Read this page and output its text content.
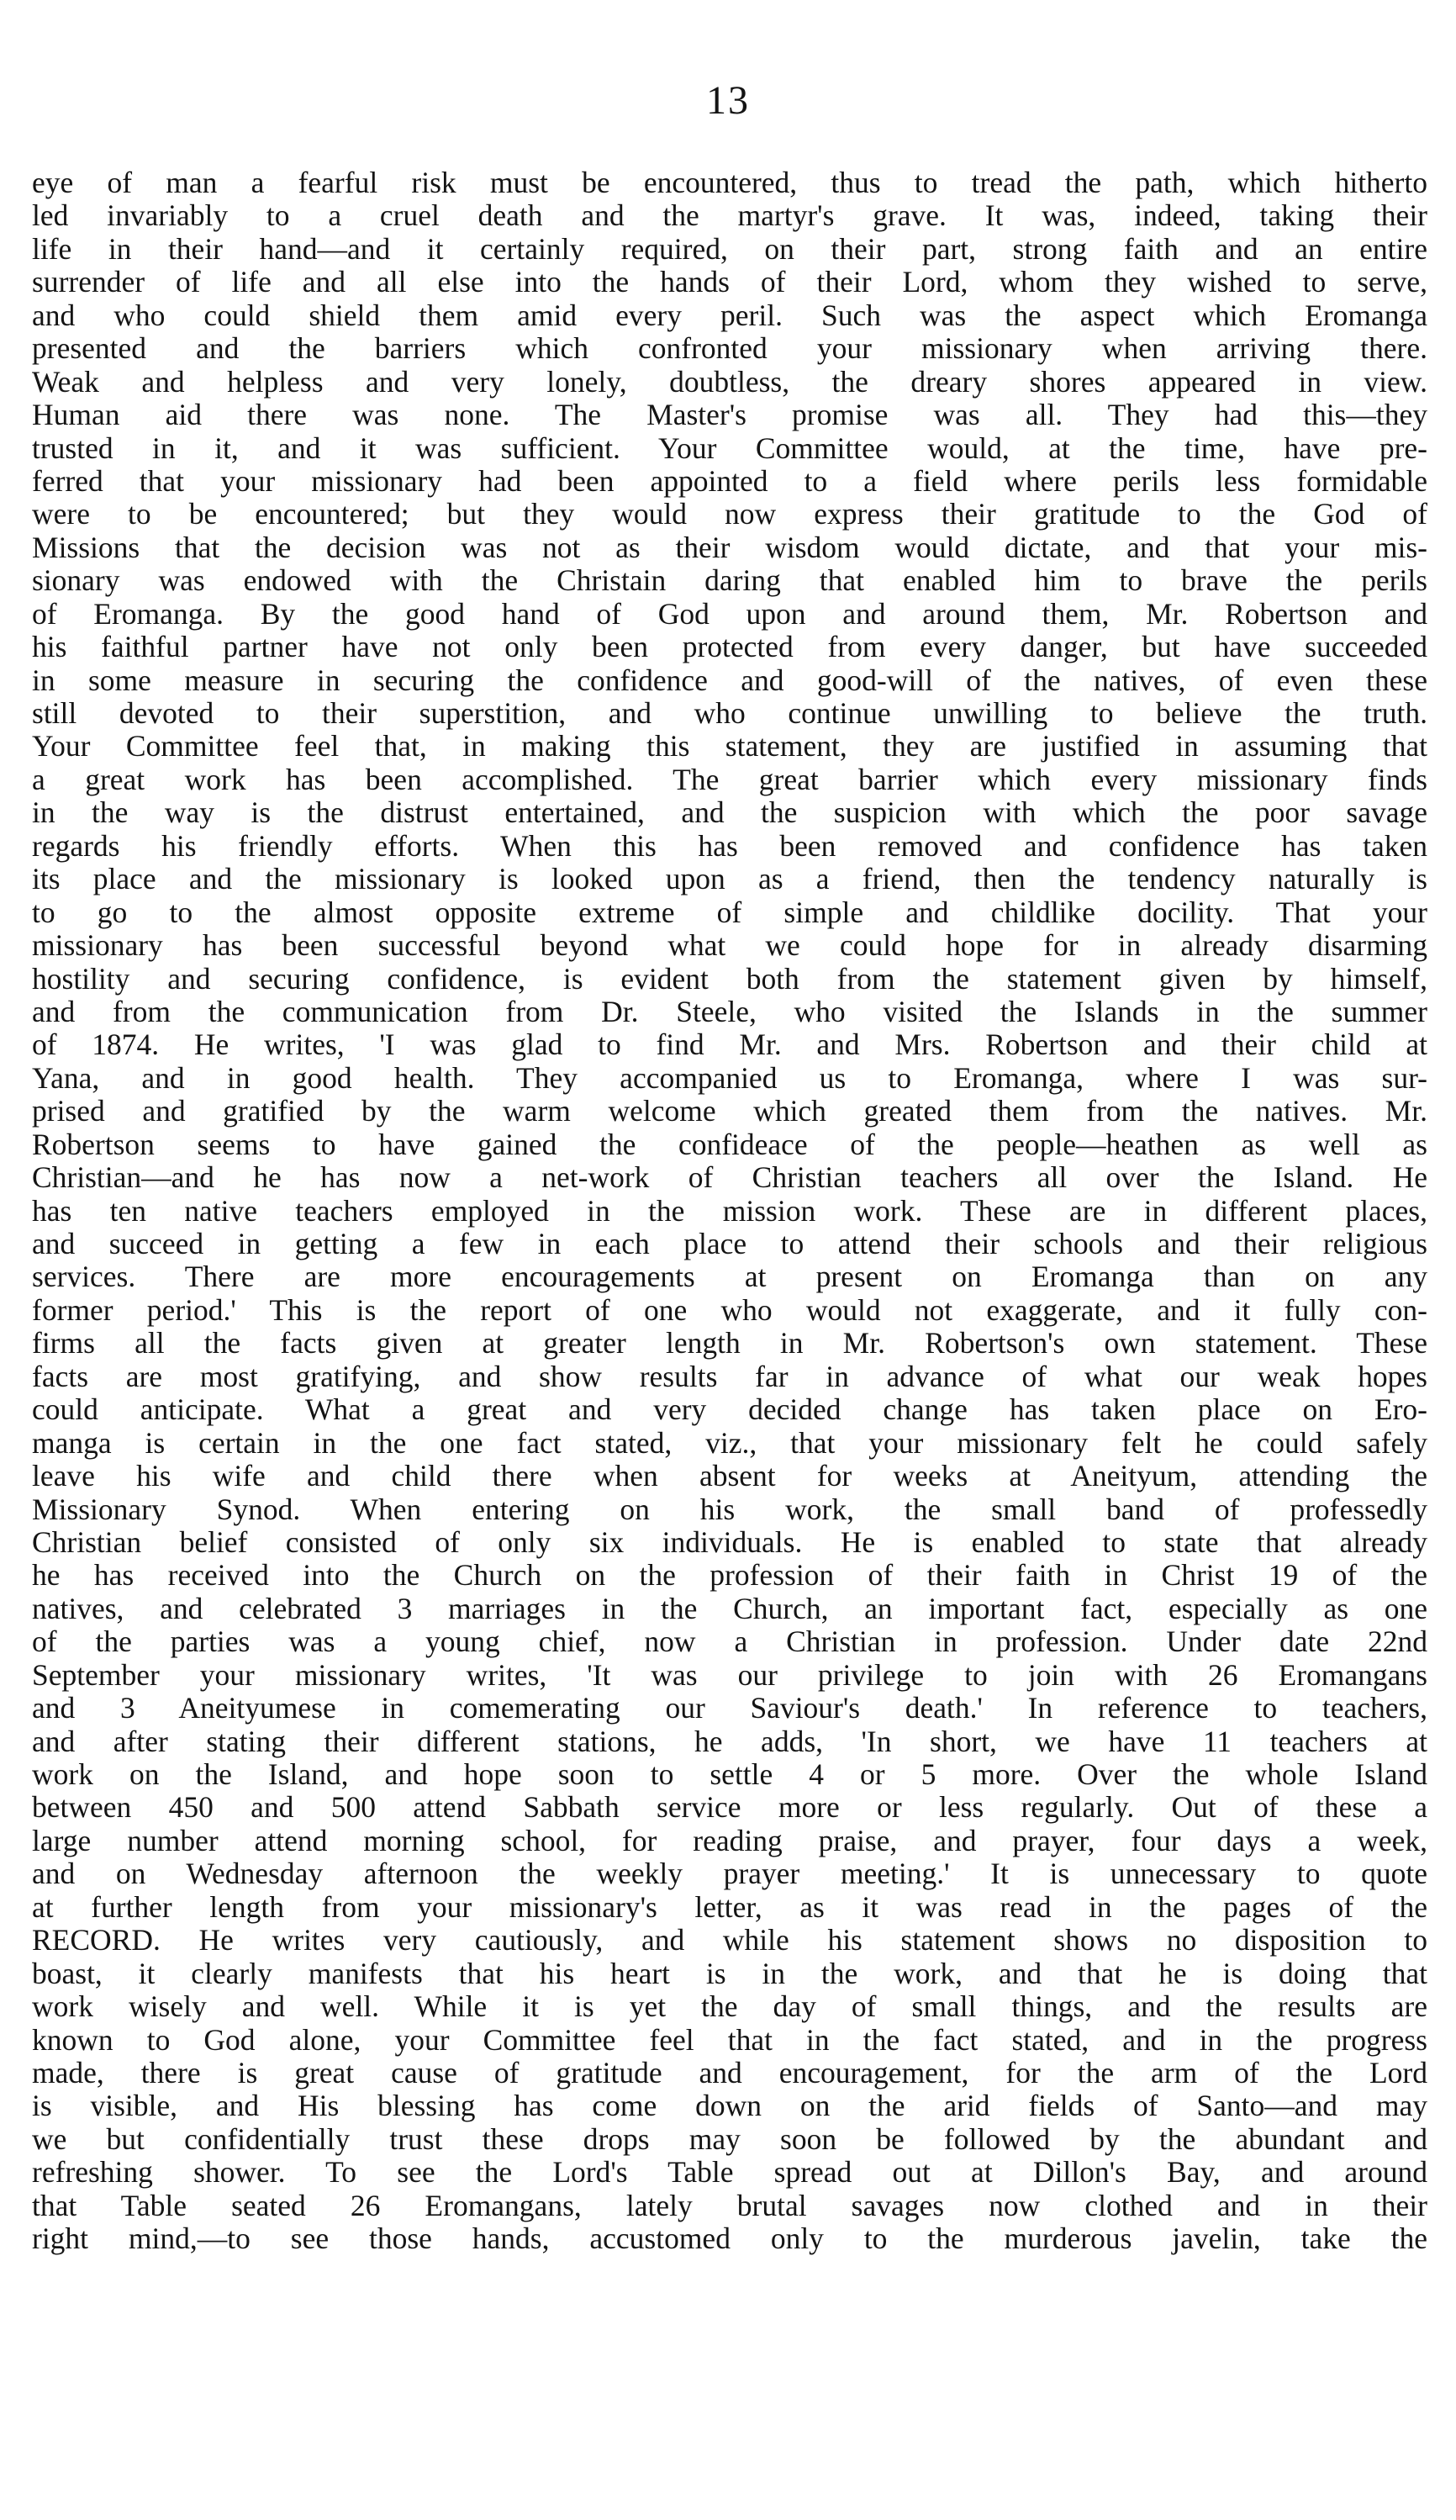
13
eye of man a fearful risk must be encountered, thus to tread the path, which hitherto
led invariably to a cruel death and the martyr's grave. It was, indeed, taking their
life in their hand—and it certainly required, on their part, strong faith and an entire
surrender of life and all else into the hands of their Lord, whom they wished to serve,
and who could shield them amid every peril. Such was the aspect which Eromanga
presented and the barriers which confronted your missionary when arriving there.
Weak and helpless and very lonely, doubtless, the dreary shores appeared in view.
Human aid there was none. The Master's promise was all. They had this—they
trusted in it, and it was sufficient. Your Committee would, at the time, have pre-
ferred that your missionary had been appointed to a field where perils less formidable
were to be encountered; but they would now express their gratitude to the God of
Missions that the decision was not as their wisdom would dictate, and that your mis-
sionary was endowed with the Christain daring that enabled him to brave the perils
of Eromanga. By the good hand of God upon and around them, Mr. Robertson and
his faithful partner have not only been protected from every danger, but have succeeded
in some measure in securing the confidence and good-will of the natives, of even these
still devoted to their superstition, and who continue unwilling to believe the truth.
Your Committee feel that, in making this statement, they are justified in assuming that
a great work has been accomplished. The great barrier which every missionary finds
in the way is the distrust entertained, and the suspicion with which the poor savage
regards his friendly efforts. When this has been removed and confidence has taken
its place and the missionary is looked upon as a friend, then the tendency naturally is
to go to the almost opposite extreme of simple and childlike docility. That your
missionary has been successful beyond what we could hope for in already disarming
hostility and securing confidence, is evident both from the statement given by himself,
and from the communication from Dr. Steele, who visited the Islands in the summer
of 1874. He writes, 'I was glad to find Mr. and Mrs. Robertson and their child at
Yana, and in good health. They accompanied us to Eromanga, where I was sur-
prised and gratified by the warm welcome which greated them from the natives. Mr.
Robertson seems to have gained the confideace of the people—heathen as well as
Christian—and he has now a net-work of Christian teachers all over the Island. He
has ten native teachers employed in the mission work. These are in different places,
and succeed in getting a few in each place to attend their schools and their religious
services. There are more encouragements at present on Eromanga than on any
former period.' This is the report of one who would not exaggerate, and it fully con-
firms all the facts given at greater length in Mr. Robertson's own statement. These
facts are most gratifying, and show results far in advance of what our weak hopes
could anticipate. What a great and very decided change has taken place on Ero-
manga is certain in the one fact stated, viz., that your missionary felt he could safely
leave his wife and child there when absent for weeks at Aneityum, attending the
Missionary Synod. When entering on his work, the small band of professedly
Christian belief consisted of only six individuals. He is enabled to state that already
he has received into the Church on the profession of their faith in Christ 19 of the
natives, and celebrated 3 marriages in the Church, an important fact, especially as one
of the parties was a young chief, now a Christian in profession. Under date 22nd
September your missionary writes, 'It was our privilege to join with 26 Eromangans
and 3 Aneityumese in comemerating our Saviour's death.' In reference to teachers,
and after stating their different stations, he adds, 'In short, we have 11 teachers at
work on the Island, and hope soon to settle 4 or 5 more. Over the whole Island
between 450 and 500 attend Sabbath service more or less regularly. Out of these a
large number attend morning school, for reading praise, and prayer, four days a week,
and on Wednesday afternoon the weekly prayer meeting.' It is unnecessary to quote
at further length from your missionary's letter, as it was read in the pages of the
RECORD. He writes very cautiously, and while his statement shows no disposition to
boast, it clearly manifests that his heart is in the work, and that he is doing that
work wisely and well. While it is yet the day of small things, and the results are
known to God alone, your Committee feel that in the fact stated, and in the progress
made, there is great cause of gratitude and encouragement, for the arm of the Lord
is visible, and His blessing has come down on the arid fields of Santo—and may
we but confidentially trust these drops may soon be followed by the abundant and
refreshing shower. To see the Lord's Table spread out at Dillon's Bay, and around
that Table seated 26 Eromangans, lately brutal savages now clothed and in their
right mind,—to see those hands, accustomed only to the murderous javelin, take the
